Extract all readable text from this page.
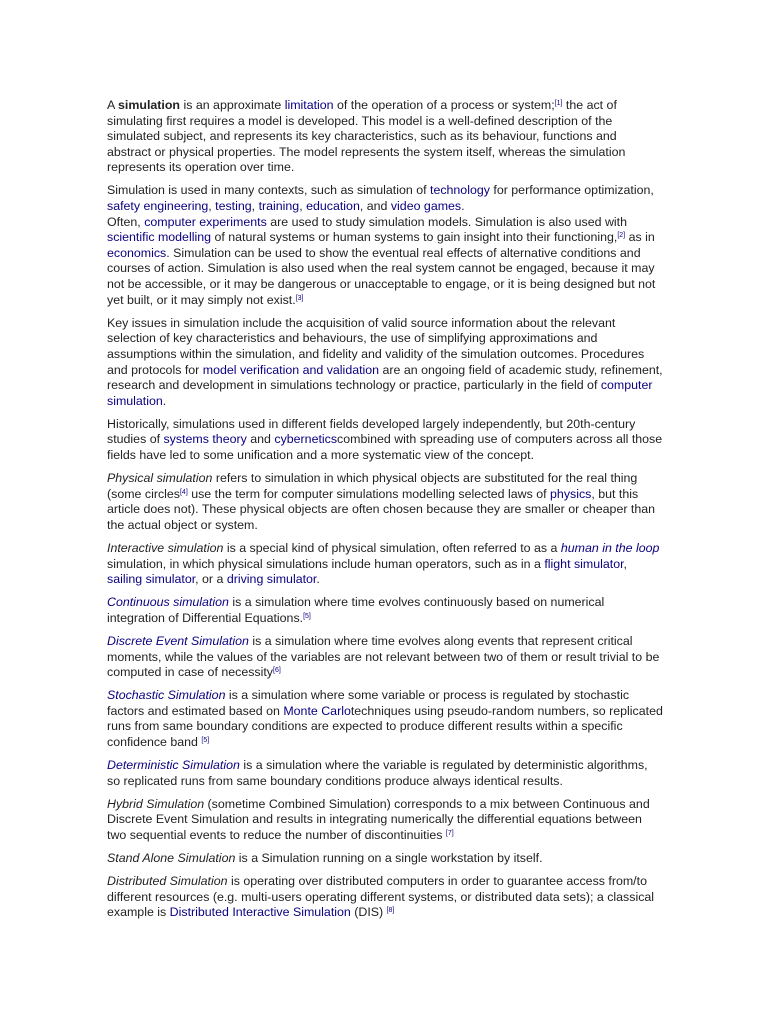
A simulation is an approximate limitation of the operation of a process or system;[1] the act of simulating first requires a model is developed. This model is a well-defined description of the simulated subject, and represents its key characteristics, such as its behaviour, functions and abstract or physical properties. The model represents the system itself, whereas the simulation represents its operation over time.

Simulation is used in many contexts, such as simulation of technology for performance optimization, safety engineering, testing, training, education, and video games.
Often, computer experiments are used to study simulation models. Simulation is also used with scientific modelling of natural systems or human systems to gain insight into their functioning,[2] as in economics. Simulation can be used to show the eventual real effects of alternative conditions and courses of action. Simulation is also used when the real system cannot be engaged, because it may not be accessible, or it may be dangerous or unacceptable to engage, or it is being designed but not yet built, or it may simply not exist.[3]

Key issues in simulation include the acquisition of valid source information about the relevant selection of key characteristics and behaviours, the use of simplifying approximations and assumptions within the simulation, and fidelity and validity of the simulation outcomes. Procedures and protocols for model verification and validation are an ongoing field of academic study, refinement, research and development in simulations technology or practice, particularly in the field of computer simulation.

Historically, simulations used in different fields developed largely independently, but 20th-century studies of systems theory and cyberneticscombined with spreading use of computers across all those fields have led to some unification and a more systematic view of the concept.

Physical simulation refers to simulation in which physical objects are substituted for the real thing (some circles[4] use the term for computer simulations modelling selected laws of physics, but this article does not). These physical objects are often chosen because they are smaller or cheaper than the actual object or system.

Interactive simulation is a special kind of physical simulation, often referred to as a human in the loop simulation, in which physical simulations include human operators, such as in a flight simulator, sailing simulator, or a driving simulator.

Continuous simulation is a simulation where time evolves continuously based on numerical integration of Differential Equations.[5]

Discrete Event Simulation is a simulation where time evolves along events that represent critical moments, while the values of the variables are not relevant between two of them or result trivial to be computed in case of necessity[6]

Stochastic Simulation is a simulation where some variable or process is regulated by stochastic factors and estimated based on Monte Carlotechniques using pseudo-random numbers, so replicated runs from same boundary conditions are expected to produce different results within a specific confidence band [5]

Deterministic Simulation is a simulation where the variable is regulated by deterministic algorithms, so replicated runs from same boundary conditions produce always identical results.

Hybrid Simulation (sometime Combined Simulation) corresponds to a mix between Continuous and Discrete Event Simulation and results in integrating numerically the differential equations between two sequential events to reduce the number of discontinuities [7]

Stand Alone Simulation is a Simulation running on a single workstation by itself.

Distributed Simulation is operating over distributed computers in order to guarantee access from/to different resources (e.g. multi-users operating different systems, or distributed data sets); a classical example is Distributed Interactive Simulation (DIS) [8]
